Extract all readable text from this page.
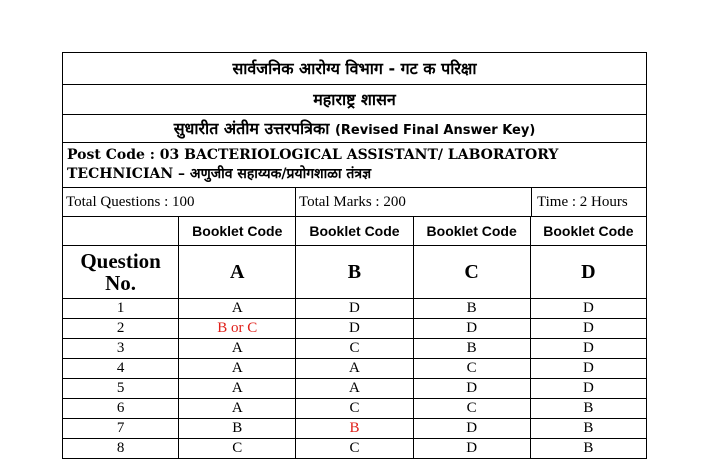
सार्वजनिक आरोग्य विभाग - गट क परिक्षा
महाराष्ट्र शासन
सुधारीत अंतीम उत्तरपत्रिका (Revised Final Answer Key)
Post Code : 03 BACTERIOLOGICAL ASSISTANT/ LABORATORY
TECHNICIAN – अणुजीव सहाय्यक/प्रयोगशाळा तंत्रज्ञ
Total Questions : 100	Total Marks : 200	Time : 2 Hours
	Booklet Code	Booklet Code	Booklet Code	Booklet Code
Question No.	A	B	C	D
1	A	D	B	D
2	B or C	D	D	D
3	A	C	B	D
4	A	A	C	D
5	A	A	D	D
6	A	C	C	B
7	B	B	D	B
8	C	C	D	B
